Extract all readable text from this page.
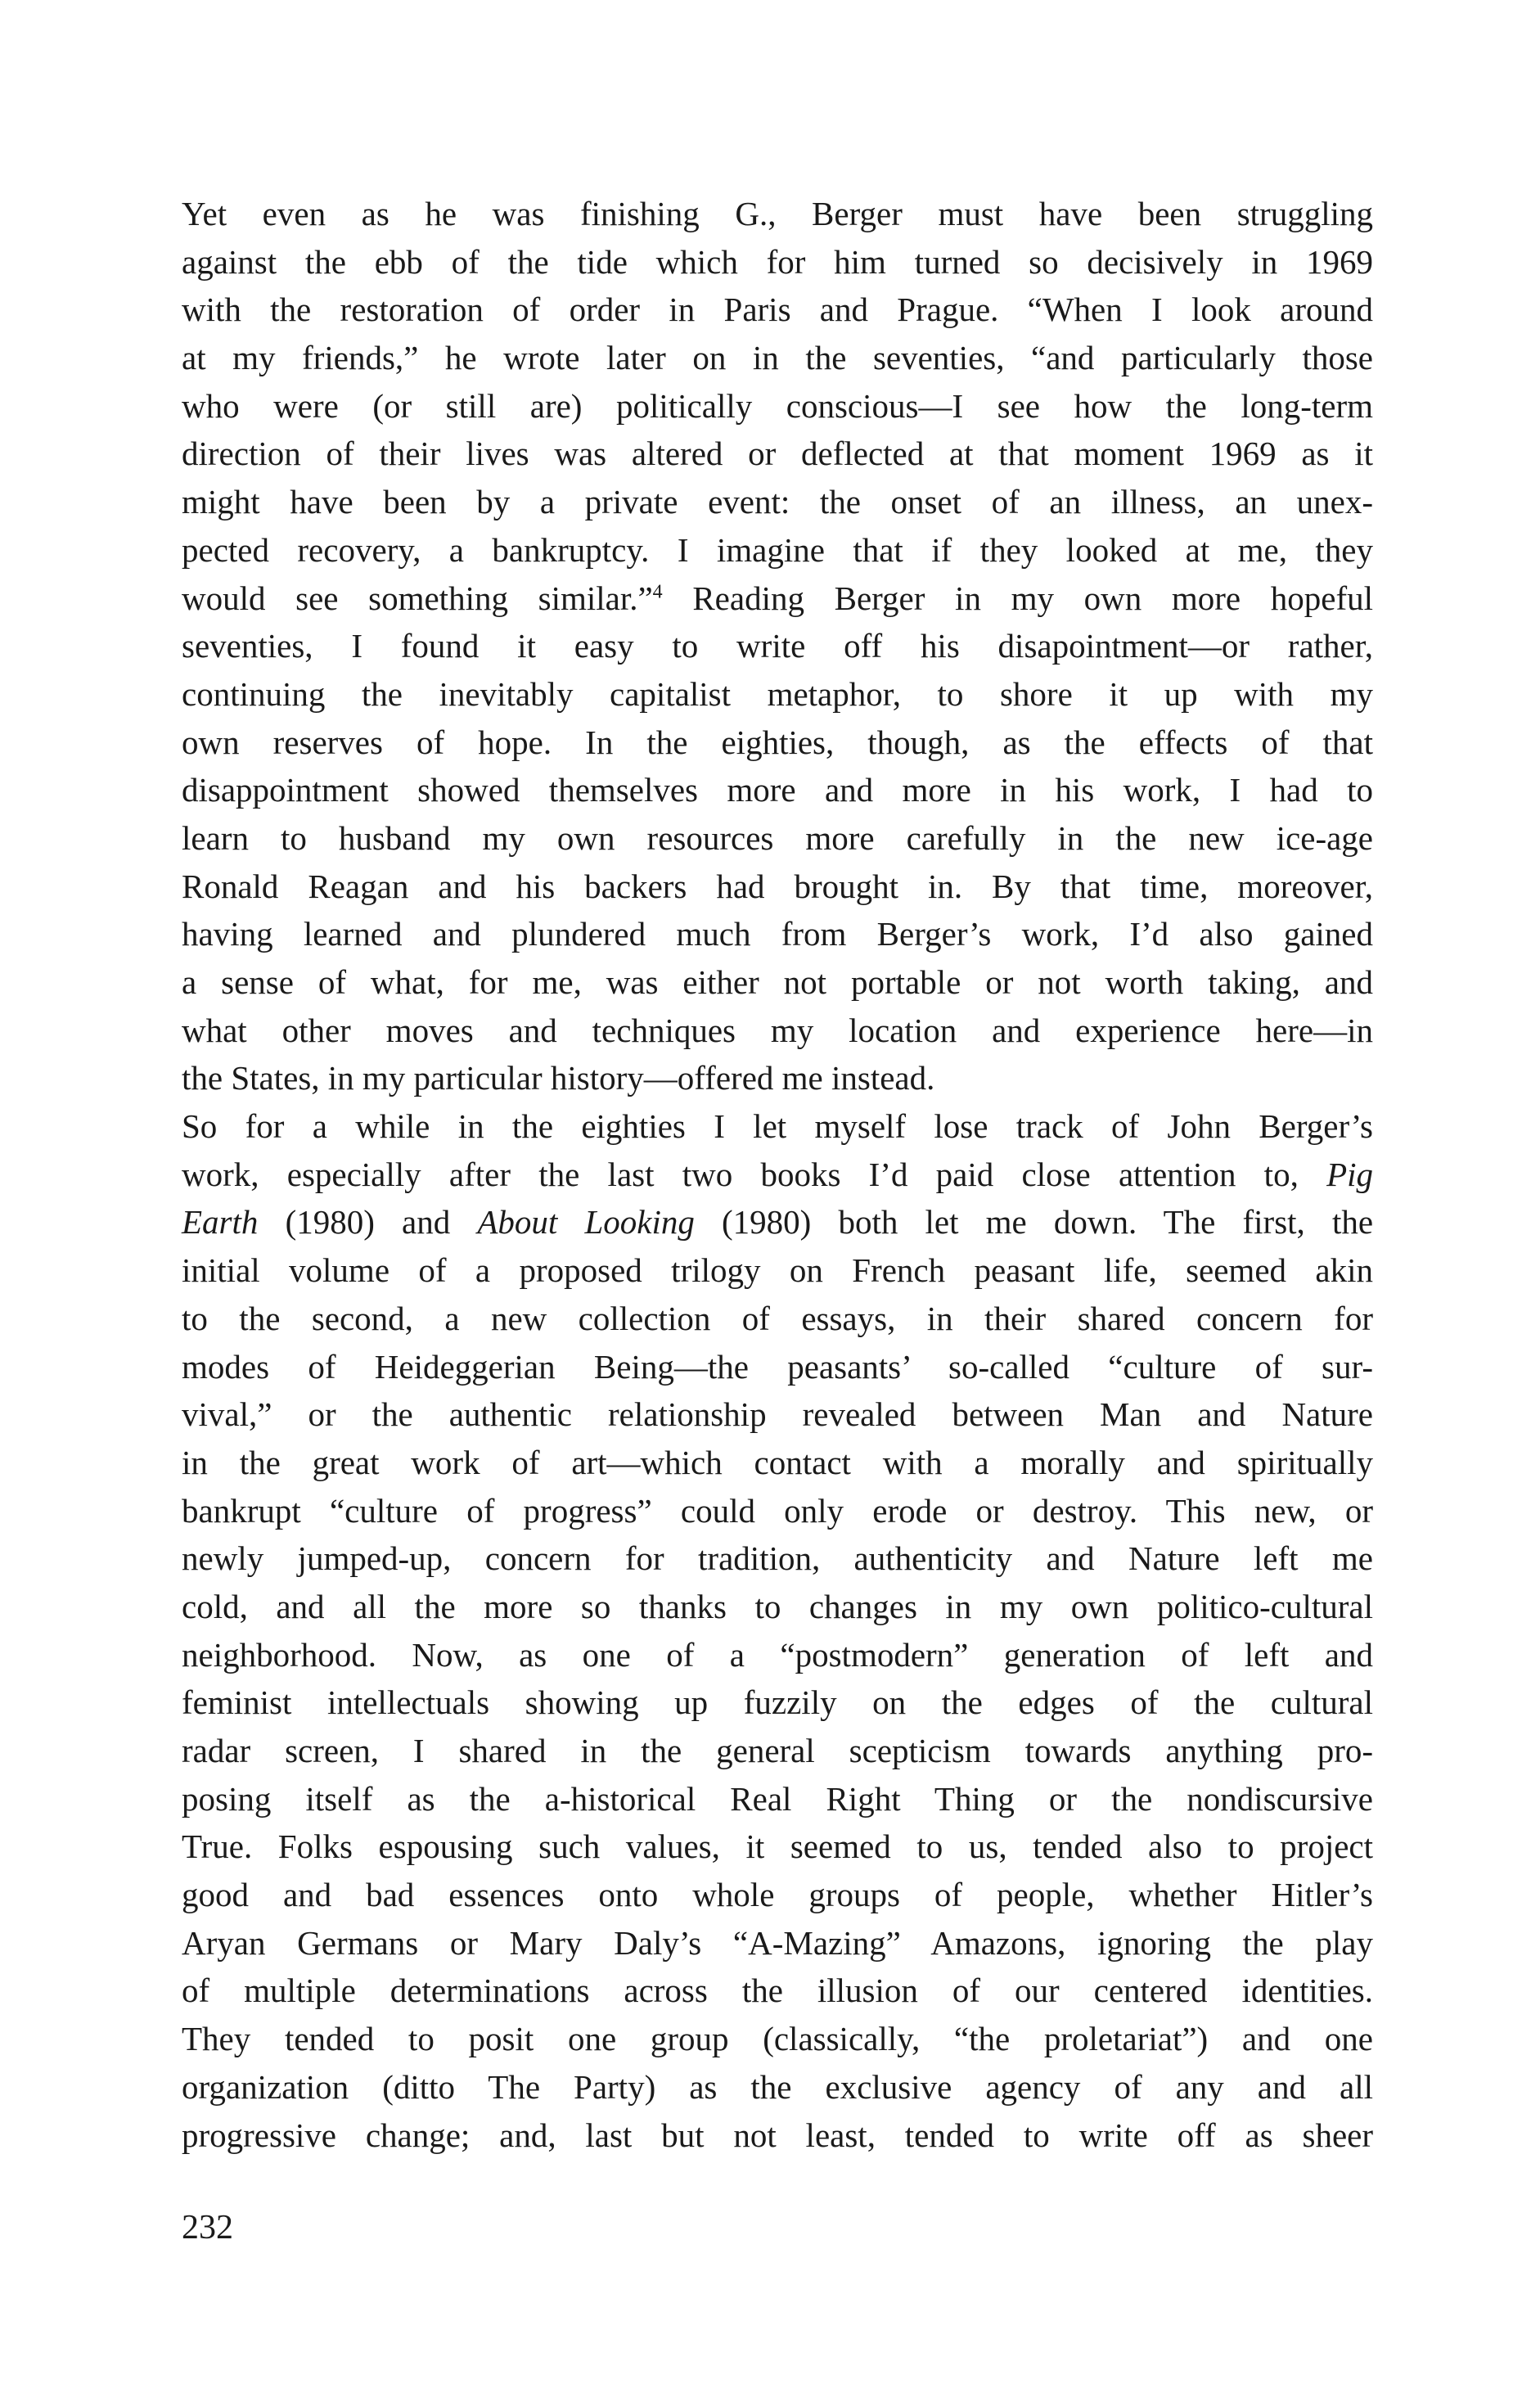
Yet even as he was finishing G., Berger must have been struggling
against the ebb of the tide which for him turned so decisively in 1969
with the restoration of order in Paris and Prague. “When I look around
at my friends,” he wrote later on in the seventies, “and particularly those
who were (or still are) politically conscious—I see how the long-term
direction of their lives was altered or deflected at that moment 1969 as it
might have been by a private event: the onset of an illness, an unex-
pected recovery, a bankruptcy. I imagine that if they looked at me, they
would see something similar.”$^4$ Reading Berger in my own more hopeful
seventies, I found it easy to write off his disapointment—or rather,
continuing the inevitably capitalist metaphor, to shore it up with my
own reserves of hope. In the eighties, though, as the effects of that
disappointment showed themselves more and more in his work, I had to
learn to husband my own resources more carefully in the new ice-age
Ronald Reagan and his backers had brought in. By that time, moreover,
having learned and plundered much from Berger’s work, I’d also gained
a sense of what, for me, was either not portable or not worth taking, and
what other moves and techniques my location and experience here—in
the States, in my particular history—offered me instead.
So for a while in the eighties I let myself lose track of John Berger’s
work, especially after the last two books I’d paid close attention to, Pig
Earth (1980) and About Looking (1980) both let me down. The first, the
initial volume of a proposed trilogy on French peasant life, seemed akin
to the second, a new collection of essays, in their shared concern for
modes of Heideggerian Being—the peasants’ so-called “culture of sur-
vival,” or the authentic relationship revealed between Man and Nature
in the great work of art—which contact with a morally and spiritually
bankrupt “culture of progress” could only erode or destroy. This new, or
newly jumped-up, concern for tradition, authenticity and Nature left me
cold, and all the more so thanks to changes in my own politico-cultural
neighborhood. Now, as one of a “postmodern” generation of left and
feminist intellectuals showing up fuzzily on the edges of the cultural
radar screen, I shared in the general scepticism towards anything pro-
posing itself as the a-historical Real Right Thing or the nondiscursive
True. Folks espousing such values, it seemed to us, tended also to project
good and bad essences onto whole groups of people, whether Hitler’s
Aryan Germans or Mary Daly’s “A-Mazing” Amazons, ignoring the play
of multiple determinations across the illusion of our centered identities.
They tended to posit one group (classically, “the proletariat”) and one
organization (ditto The Party) as the exclusive agency of any and all
progressive change; and, last but not least, tended to write off as sheer
232
